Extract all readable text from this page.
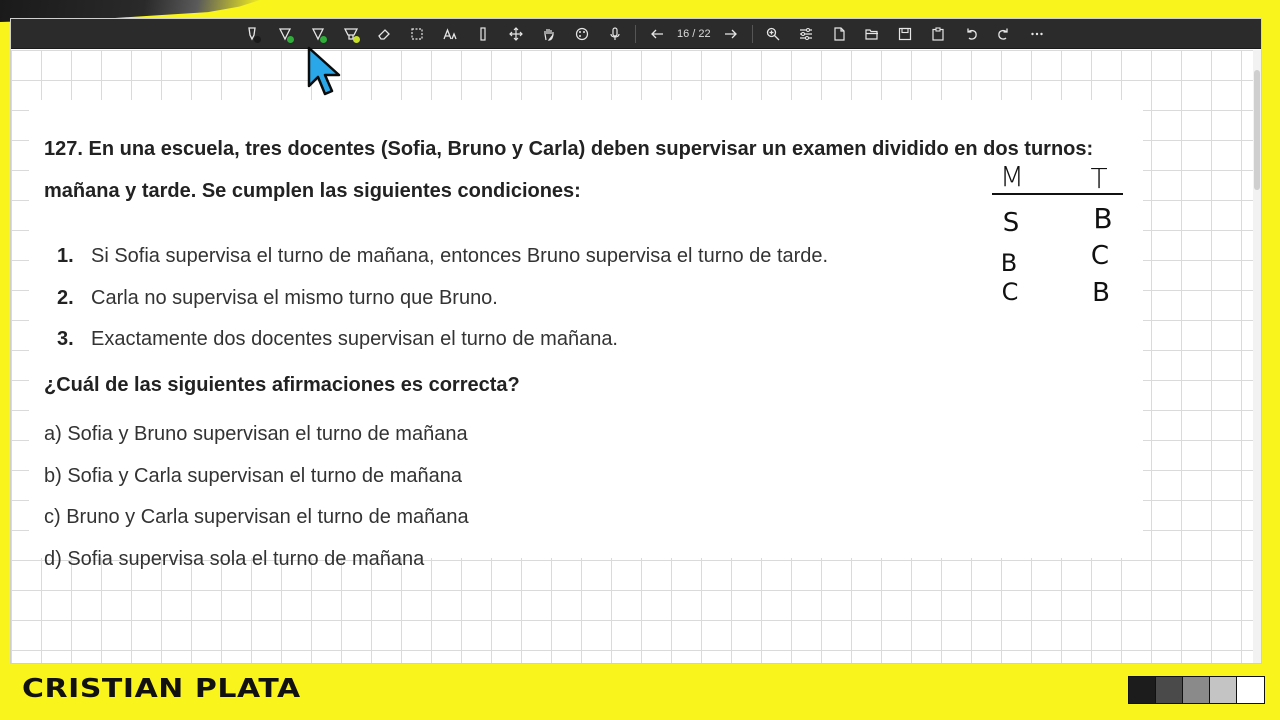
16 / 22
127. En una escuela, tres docentes (Sofia, Bruno y Carla) deben supervisar un examen dividido en dos turnos: mañana y tarde. Se cumplen las siguientes condiciones:
1. Si Sofia supervisa el turno de mañana, entonces Bruno supervisa el turno de tarde.
2. Carla no supervisa el mismo turno que Bruno.
3. Exactamente dos docentes supervisan el turno de mañana.
¿Cuál de las siguientes afirmaciones es correcta?
a) Sofia y Bruno supervisan el turno de mañana
b) Sofia y Carla supervisan el turno de mañana
c) Bruno y Carla supervisan el turno de mañana
d) Sofia supervisa sola el turno de mañana
M T
S	B
B	C
C	B
CRISTIAN PLATA
